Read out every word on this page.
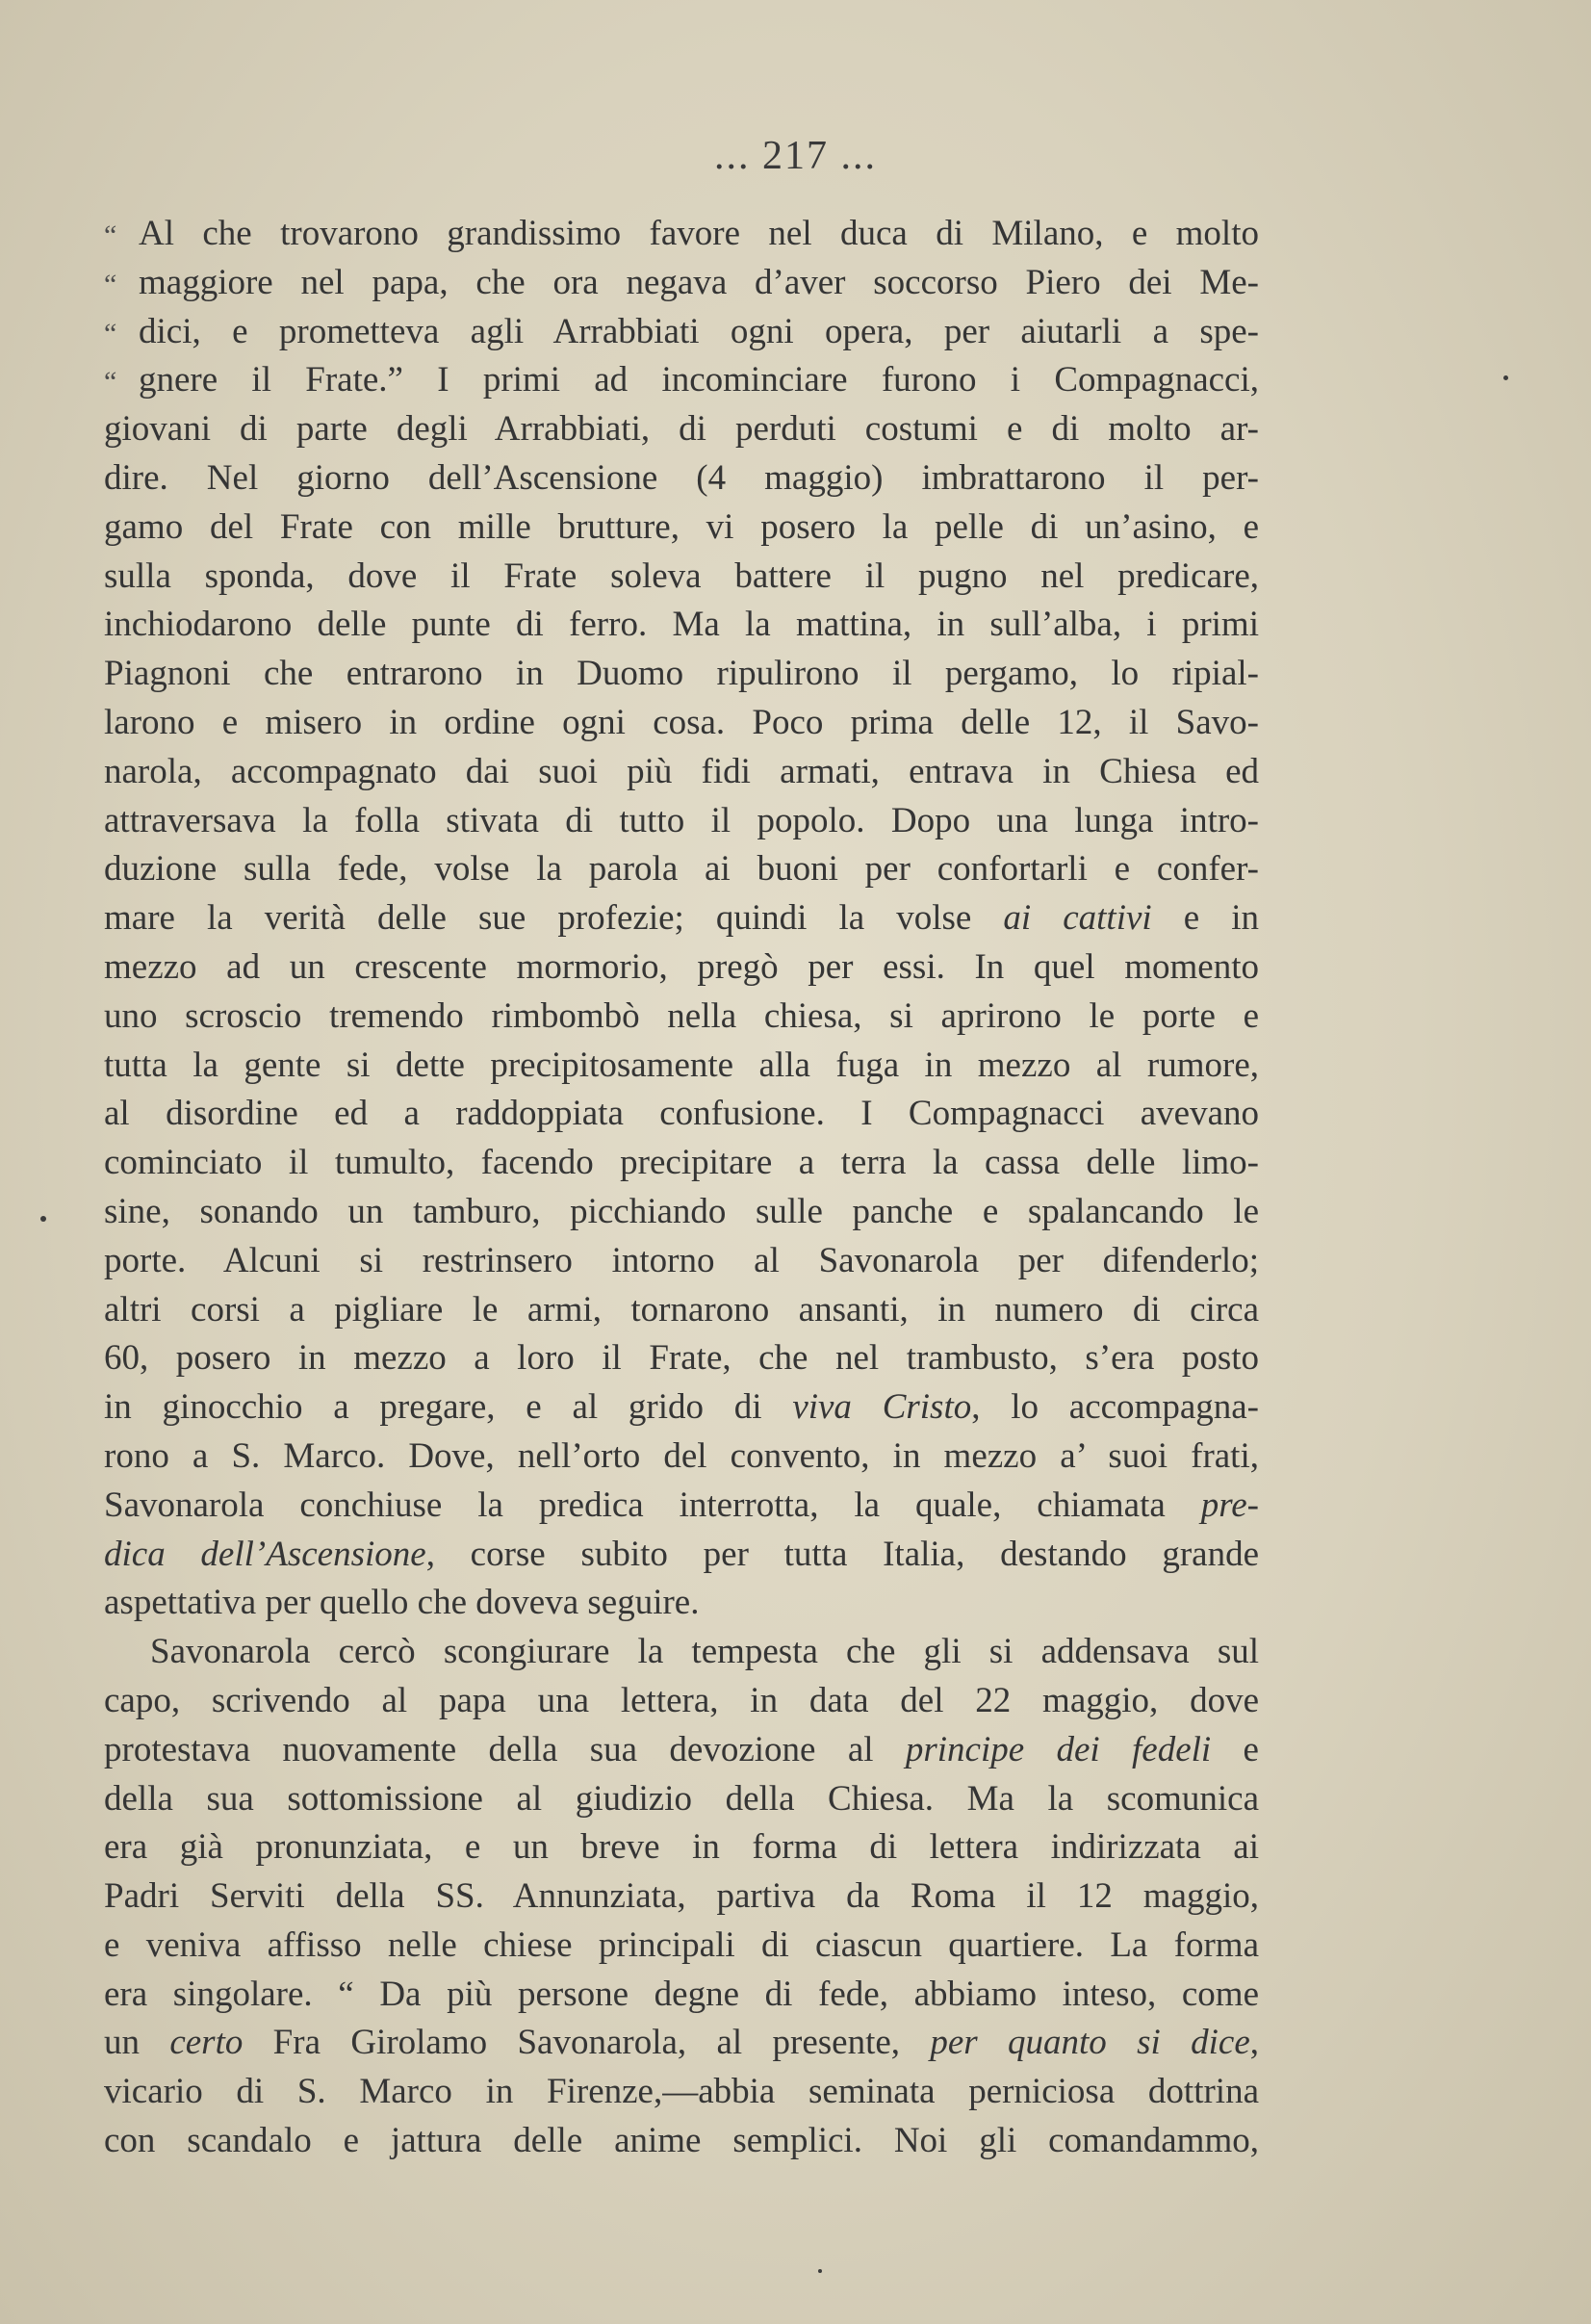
... 217 ...
“ Al che trovarono grandissimo favore nel duca di Milano, e molto
“ maggiore nel papa, che ora negava d’aver soccorso Piero dei Me-
“ dici, e prometteva agli Arrabbiati ogni opera, per aiutarli a spe-
“ gnere il Frate.” I primi ad incominciare furono i Compagnacci,
giovani di parte degli Arrabbiati, di perduti costumi e di molto ar-
dire. Nel giorno dell’Ascensione (4 maggio) imbrattarono il per-
gamo del Frate con mille brutture, vi posero la pelle di un’asino, e
sulla sponda, dove il Frate soleva battere il pugno nel predicare,
inchiodarono delle punte di ferro. Ma la mattina, in sull’alba, i primi
Piagnoni che entrarono in Duomo ripulirono il pergamo, lo ripial-
larono e misero in ordine ogni cosa. Poco prima delle 12, il Savo-
narola, accompagnato dai suoi più fidi armati, entrava in Chiesa ed
attraversava la folla stivata di tutto il popolo. Dopo una lunga intro-
duzione sulla fede, volse la parola ai buoni per confortarli e confer-
mare la verità delle sue profezie; quindi la volse ai cattivi e in
mezzo ad un crescente mormorio, pregò per essi. In quel momento
uno scroscio tremendo rimbombò nella chiesa, si aprirono le porte e
tutta la gente si dette precipitosamente alla fuga in mezzo al rumore,
al disordine ed a raddoppiata confusione. I Compagnacci avevano
cominciato il tumulto, facendo precipitare a terra la cassa delle limo-
sine, sonando un tamburo, picchiando sulle panche e spalancando le
porte. Alcuni si restrinsero intorno al Savonarola per difenderlo;
altri corsi a pigliare le armi, tornarono ansanti, in numero di circa
60, posero in mezzo a loro il Frate, che nel trambusto, s’era posto
in ginocchio a pregare, e al grido di viva Cristo, lo accompagna-
rono a S. Marco. Dove, nell’orto del convento, in mezzo a’ suoi frati,
Savonarola conchiuse la predica interrotta, la quale, chiamata pre-
dica dell’Ascensione, corse subito per tutta Italia, destando grande
aspettativa per quello che doveva seguire.
Savonarola cercò scongiurare la tempesta che gli si addensava sul
capo, scrivendo al papa una lettera, in data del 22 maggio, dove
protestava nuovamente della sua devozione al principe dei fedeli e
della sua sottomissione al giudizio della Chiesa. Ma la scomunica
era già pronunziata, e un breve in forma di lettera indirizzata ai
Padri Serviti della SS. Annunziata, partiva da Roma il 12 maggio,
e veniva affisso nelle chiese principali di ciascun quartiere. La forma
era singolare. “ Da più persone degne di fede, abbiamo inteso, come
un certo Fra Girolamo Savonarola, al presente, per quanto si dice,
vicario di S. Marco in Firenze,—abbia seminata perniciosa dottrina
con scandalo e jattura delle anime semplici. Noi gli comandammo,
